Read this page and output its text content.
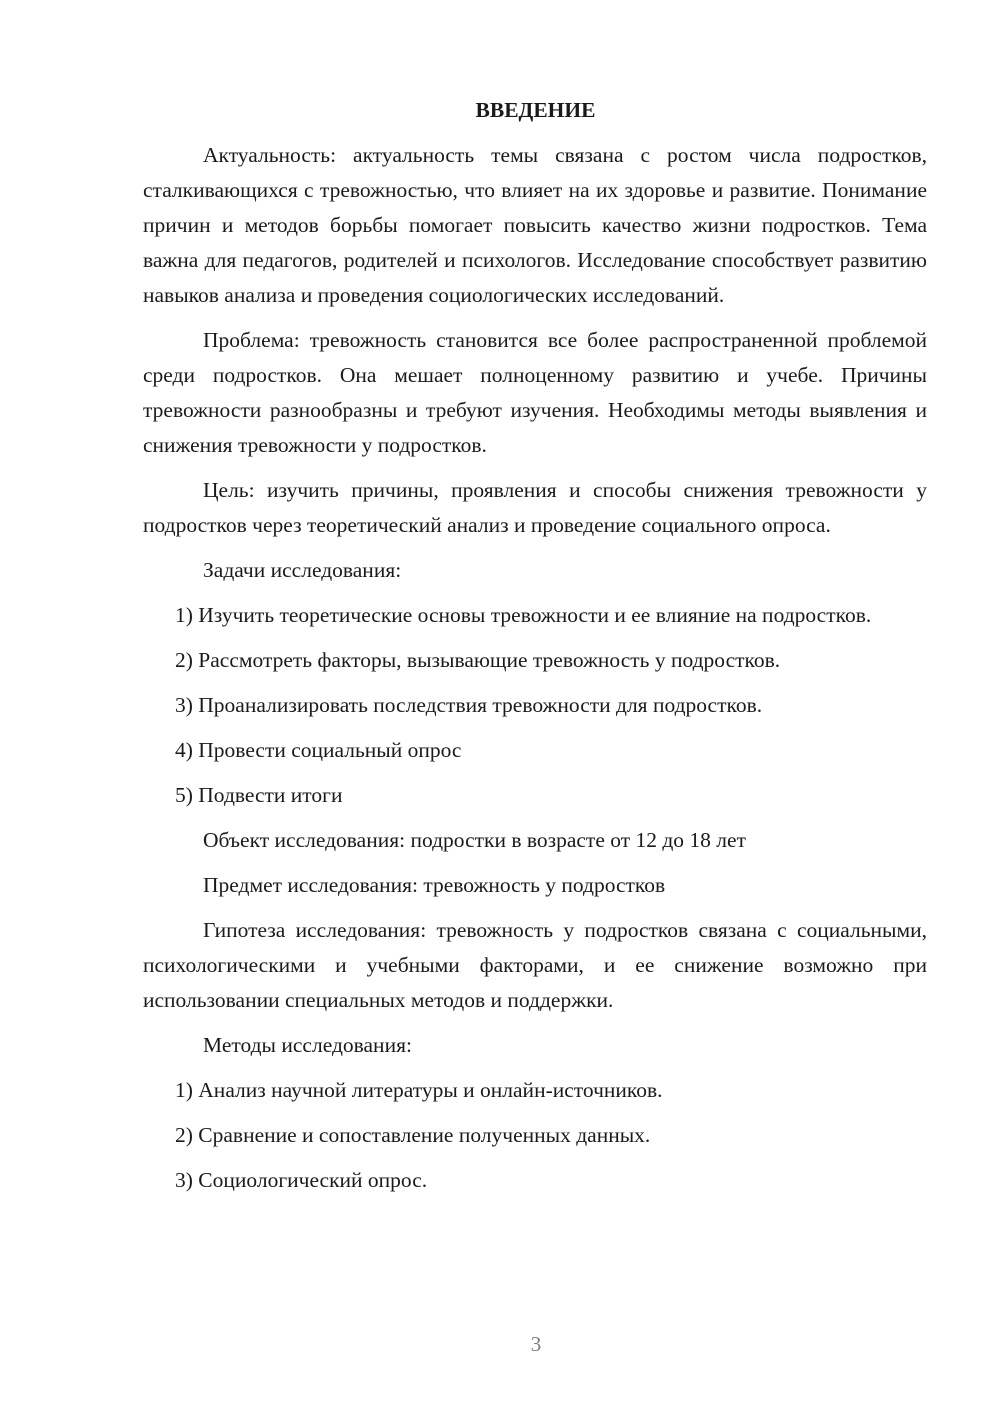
ВВЕДЕНИЕ

Актуальность: актуальность темы связана с ростом числа подростков, сталкивающихся с тревожностью, что влияет на их здоровье и развитие. Понимание причин и методов борьбы помогает повысить качество жизни подростков. Тема важна для педагогов, родителей и психологов. Исследование способствует развитию навыков анализа и проведения социологических исследований.

Проблема: тревожность становится все более распространенной проблемой среди подростков. Она мешает полноценному развитию и учебе. Причины тревожности разнообразны и требуют изучения. Необходимы методы выявления и снижения тревожности у подростков.

Цель: изучить причины, проявления и способы снижения тревожности у подростков через теоретический анализ и проведение социального опроса.

Задачи исследования:

1) Изучить теоретические основы тревожности и ее влияние на подростков.

2) Рассмотреть факторы, вызывающие тревожность у подростков.

3) Проанализировать последствия тревожности для подростков.

4) Провести социальный опрос

5) Подвести итоги

Объект исследования: подростки в возрасте от 12 до 18 лет

Предмет исследования: тревожность у подростков

Гипотеза исследования: тревожность у подростков связана с социальными, психологическими и учебными факторами, и ее снижение возможно при использовании специальных методов и поддержки.

Методы исследования:

1) Анализ научной литературы и онлайн-источников.

2) Сравнение и сопоставление полученных данных.

3) Социологический опрос.

3
